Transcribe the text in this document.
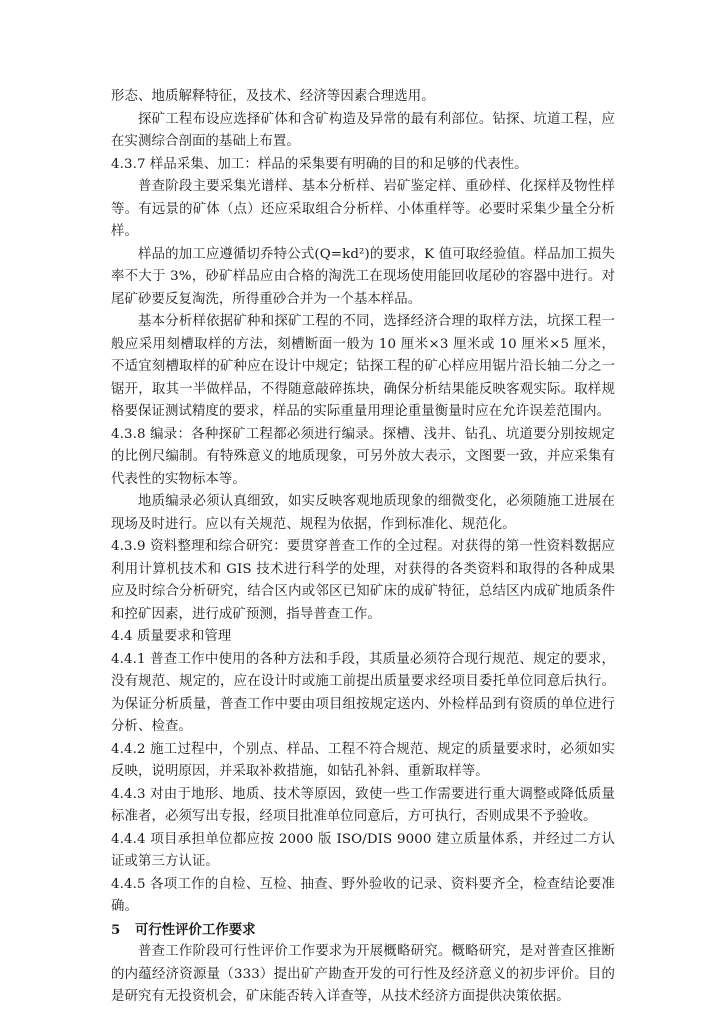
形态、地质解释特征，及技术、经济等因素合理选用。

探矿工程布设应选择矿体和含矿构造及异常的最有利部位。钻探、坑道工程，应在实测综合剖面的基础上布置。

4.3.7 样品采集、加工：样品的采集要有明确的目的和足够的代表性。

普查阶段主要采集光谱样、基本分析样、岩矿鉴定样、重砂样、化探样及物性样等。有远景的矿体（点）还应采取组合分析样、小体重样等。必要时采集少量全分析样。

样品的加工应遵循切乔特公式(Q=kd²)的要求，K 值可取经验值。样品加工损失率不大于 3%，砂矿样品应由合格的淘洗工在现场使用能回收尾砂的容器中进行。对尾矿砂要反复淘洗，所得重砂合并为一个基本样品。

基本分析样依据矿种和探矿工程的不同，选择经济合理的取样方法，坑探工程一般应采用刻槽取样的方法，刻槽断面一般为 10 厘米×3 厘米或 10 厘米×5 厘米，不适宜刻槽取样的矿种应在设计中规定；钻探工程的矿心样应用锯片沿长轴二分之一锯开，取其一半做样品，不得随意敲碎拣块，确保分析结果能反映客观实际。取样规格要保证测试精度的要求，样品的实际重量用理论重量衡量时应在允许误差范围内。

4.3.8 编录：各种探矿工程都必须进行编录。探槽、浅井、钻孔、坑道要分别按规定的比例尺编制。有特殊意义的地质现象，可另外放大表示，文图要一致，并应采集有代表性的实物标本等。

地质编录必须认真细致，如实反映客观地质现象的细微变化，必须随施工进展在现场及时进行。应以有关规范、规程为依据，作到标准化、规范化。

4.3.9 资料整理和综合研究：要贯穿普查工作的全过程。对获得的第一性资料数据应利用计算机技术和 GIS 技术进行科学的处理，对获得的各类资料和取得的各种成果应及时综合分析研究，结合区内或邻区已知矿床的成矿特征，总结区内成矿地质条件和控矿因素，进行成矿预测，指导普查工作。

4.4 质量要求和管理

4.4.1 普查工作中使用的各种方法和手段，其质量必须符合现行规范、规定的要求，没有规范、规定的，应在设计时或施工前提出质量要求经项目委托单位同意后执行。为保证分析质量，普查工作中要由项目组按规定送内、外检样品到有资质的单位进行分析、检查。

4.4.2 施工过程中，个别点、样品、工程不符合规范、规定的质量要求时，必须如实反映，说明原因，并采取补救措施，如钻孔补斜、重新取样等。

4.4.3 对由于地形、地质、技术等原因，致使一些工作需要进行重大调整或降低质量标准者，必须写出专报，经项目批准单位同意后，方可执行，否则成果不予验收。

4.4.4 项目承担单位都应按 2000 版 ISO/DIS 9000 建立质量体系，并经过二方认证或第三方认证。

4.4.5 各项工作的自检、互检、抽查、野外验收的记录、资料要齐全，检查结论要准确。

5 可行性评价工作要求

普查工作阶段可行性评价工作要求为开展概略研究。概略研究，是对普查区推断的内蕴经济资源量（333）提出矿产勘查开发的可行性及经济意义的初步评价。目的是研究有无投资机会，矿床能否转入详查等，从技术经济方面提供决策依据。
